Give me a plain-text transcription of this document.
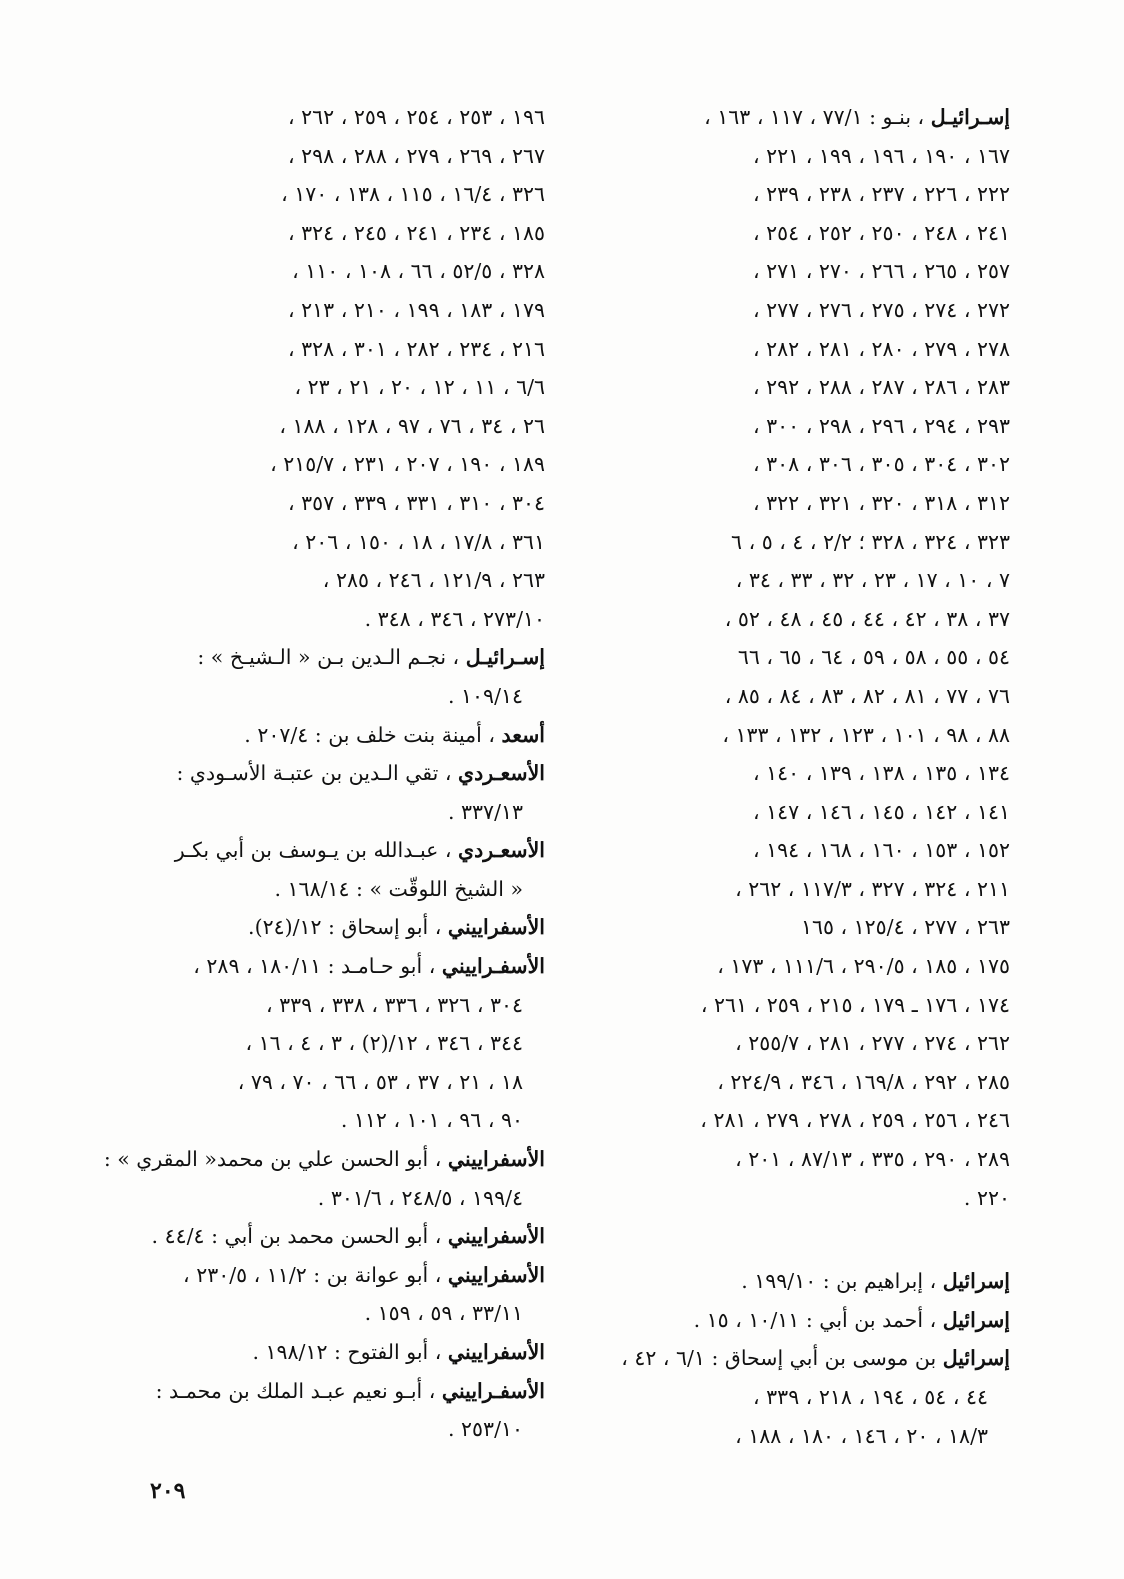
إسـرائيـل ، بنـو : ٧٧/١ ، ١١٧ ، ١٦٣ ،
١٦٧ ، ١٩٠ ، ١٩٦ ، ١٩٩ ، ٢٢١ ،
٢٢٢ ، ٢٢٦ ، ٢٣٧ ، ٢٣٨ ، ٢٣٩ ،
٢٤١ ، ٢٤٨ ، ٢٥٠ ، ٢٥٢ ، ٢٥٤ ،
٢٥٧ ، ٢٦٥ ، ٢٦٦ ، ٢٧٠ ، ٢٧١ ،
٢٧٢ ، ٢٧٤ ، ٢٧٥ ، ٢٧٦ ، ٢٧٧ ،
٢٧٨ ، ٢٧٩ ، ٢٨٠ ، ٢٨١ ، ٢٨٢ ،
٢٨٣ ، ٢٨٦ ، ٢٨٧ ، ٢٨٨ ، ٢٩٢ ،
٢٩٣ ، ٢٩٤ ، ٢٩٦ ، ٢٩٨ ، ٣٠٠ ،
٣٠٢ ، ٣٠٤ ، ٣٠٥ ، ٣٠٦ ، ٣٠٨ ،
٣١٢ ، ٣١٨ ، ٣٢٠ ، ٣٢١ ، ٣٢٢ ،
٣٢٣ ، ٣٢٤ ، ٣٢٨ ؛ ٢/٢ ، ٤ ، ٥ ، ٦
٧ ، ١٠ ، ١٧ ، ٢٣ ، ٣٢ ، ٣٣ ، ٣٤ ،
٣٧ ، ٣٨ ، ٤٢ ، ٤٤ ، ٤٥ ، ٤٨ ، ٥٢ ،
٥٤ ، ٥٥ ، ٥٨ ، ٥٩ ، ٦٤ ، ٦٥ ، ٦٦
٧٦ ، ٧٧ ، ٨١ ، ٨٢ ، ٨٣ ، ٨٤ ، ٨٥ ،
٨٨ ، ٩٨ ، ١٠١ ، ١٢٣ ، ١٣٢ ، ١٣٣ ،
١٣٤ ، ١٣٥ ، ١٣٨ ، ١٣٩ ، ١٤٠ ،
١٤١ ، ١٤٢ ، ١٤٥ ، ١٤٦ ، ١٤٧ ،
١٥٢ ، ١٥٣ ، ١٦٠ ، ١٦٨ ، ١٩٤ ،
٢١١ ، ٣٢٤ ، ٣٢٧ ، ١١٧/٣ ، ٢٦٢ ،
٢٦٣ ، ٢٧٧ ، ١٢٥/٤ ، ١٦٥
١٧٥ ، ١٨٥ ، ٢٩٠/٥ ، ١١١/٦ ، ١٧٣ ،
١٧٤ ، ١٧٦ ـ ١٧٩ ، ٢١٥ ، ٢٥٩ ، ٢٦١ ،
٢٦٢ ، ٢٧٤ ، ٢٧٧ ، ٢٨١ ، ٢٥٥/٧ ،
٢٨٥ ، ٢٩٢ ، ١٦٩/٨ ، ٣٤٦ ، ٢٢٤/٩ ،
٢٤٦ ، ٢٥٦ ، ٢٥٩ ، ٢٧٨ ، ٢٧٩ ، ٢٨١ ،
٢٨٩ ، ٢٩٠ ، ٣٣٥ ، ٨٧/١٣ ، ٢٠١ ،
٢٢٠ .
إسرائيل ، إبراهيم بن : ١٩٩/١٠ .
إسرائيل ، أحمد بن أبي : ١٠/١١ ، ١٥ .
إسرائيل بن موسى بن أبي إسحاق : ٦/١ ، ٤٢ ،
٤٤ ، ٥٤ ، ١٩٤ ، ٢١٨ ، ٣٣٩ ،
١٨/٣ ، ٢٠ ، ١٤٦ ، ١٨٠ ، ١٨٨ ،
١٩٦ ، ٢٥٣ ، ٢٥٤ ، ٢٥٩ ، ٢٦٢ ،
٢٦٧ ، ٢٦٩ ، ٢٧٩ ، ٢٨٨ ، ٢٩٨ ،
٣٢٦ ، ١٦/٤ ، ١١٥ ، ١٣٨ ، ١٧٠ ،
١٨٥ ، ٢٣٤ ، ٢٤١ ، ٢٤٥ ، ٣٢٤ ،
٣٢٨ ، ٥٢/٥ ، ٦٦ ، ١٠٨ ، ١١٠ ،
١٧٩ ، ١٨٣ ، ١٩٩ ، ٢١٠ ، ٢١٣ ،
٢١٦ ، ٢٣٤ ، ٢٨٢ ، ٣٠١ ، ٣٢٨ ،
٦/٦ ، ١١ ، ١٢ ، ٢٠ ، ٢١ ، ٢٣ ،
٢٦ ، ٣٤ ، ٧٦ ، ٩٧ ، ١٢٨ ، ١٨٨ ،
١٨٩ ، ١٩٠ ، ٢٠٧ ، ٢٣١ ، ٢١٥/٧ ،
٣٠٤ ، ٣١٠ ، ٣٣١ ، ٣٣٩ ، ٣٥٧ ،
٣٦١ ، ١٧/٨ ، ١٨ ، ١٥٠ ، ٢٠٦ ،
٢٦٣ ، ١٢١/٩ ، ٢٤٦ ، ٢٨٥ ،
٢٧٣/١٠ ، ٣٤٦ ، ٣٤٨ .
إسـرائيـل ، نجـم الـدين بـن « الـشيـخ » :
١٠٩/١٤ .
أسعد ، أمينة بنت خلف بن : ٢٠٧/٤ .
الأسعـردي ، تقي الـدين بن عتبـة الأسـودي :
٣٣٧/١٣ .
الأسعـردي ، عبـدالله بن يـوسف بن أبي بكـر
« الشيخ اللوقّت » : ١٦٨/١٤ .
الأسفراييني ، أبو إسحاق : ١٢/(٢٤).
الأسفـراييني ، أبو حـامـد : ١٨٠/١١ ، ٢٨٩ ،
٣٠٤ ، ٣٢٦ ، ٣٣٦ ، ٣٣٨ ، ٣٣٩ ،
٣٤٤ ، ٣٤٦ ، ١٢/(٢) ، ٣ ، ٤ ، ١٦ ،
١٨ ، ٢١ ، ٣٧ ، ٥٣ ، ٦٦ ، ٧٠ ، ٧٩ ،
٩٠ ، ٩٦ ، ١٠١ ، ١١٢ .
الأسفراييني ، أبو الحسن علي بن محمد« المقري » :
١٩٩/٤ ، ٢٤٨/٥ ، ٣٠١/٦ .
الأسفراييني ، أبو الحسن محمد بن أبي : ٤٤/٤ .
الأسفراييني ، أبو عوانة بن : ١١/٢ ، ٢٣٠/٥ ،
٣٣/١١ ، ٥٩ ، ١٥٩ .
الأسفراييني ، أبو الفتوح : ١٩٨/١٢ .
الأسفـراييني ، أبـو نعيم عبـد الملك بن محمـد :
٢٥٣/١٠ .
٢٠٩
